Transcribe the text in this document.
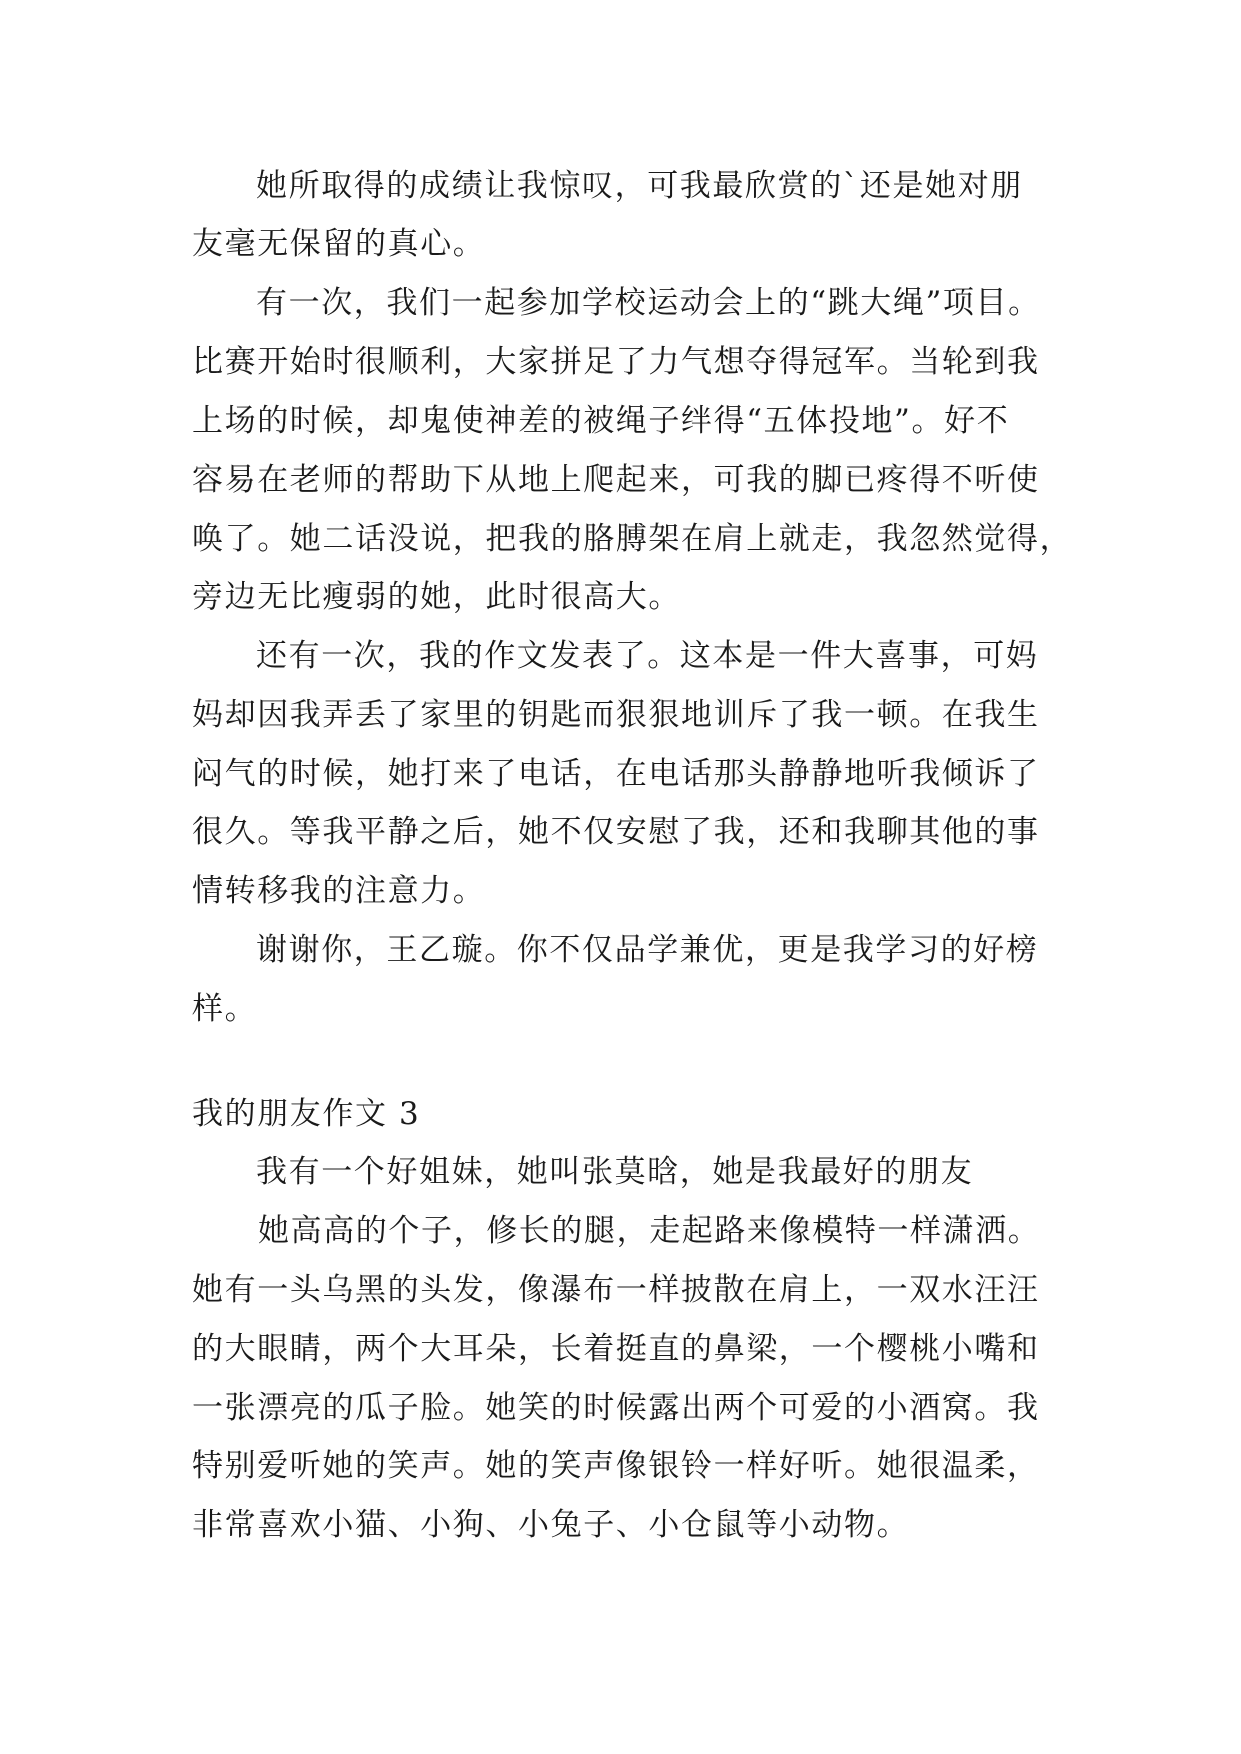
她所取得的成绩让我惊叹，可我最欣赏的`还是她对朋
友毫无保留的真心。
有一次，我们一起参加学校运动会上的“跳大绳”项目。
比赛开始时很顺利，大家拼足了力气想夺得冠军。当轮到我
上场的时候，却鬼使神差的被绳子绊得“五体投地”。好不
容易在老师的帮助下从地上爬起来，可我的脚已疼得不听使
唤了。她二话没说，把我的胳膊架在肩上就走，我忽然觉得，
旁边无比瘦弱的她，此时很高大。
还有一次，我的作文发表了。这本是一件大喜事，可妈
妈却因我弄丢了家里的钥匙而狠狠地训斥了我一顿。在我生
闷气的时候，她打来了电话，在电话那头静静地听我倾诉了
很久。等我平静之后，她不仅安慰了我，还和我聊其他的事
情转移我的注意力。
谢谢你，王乙璇。你不仅品学兼优，更是我学习的好榜
样。
我的朋友作文 3
我有一个好姐妹，她叫张莫晗，她是我最好的朋友
她高高的个子，修长的腿，走起路来像模特一样潇洒。
她有一头乌黑的头发，像瀑布一样披散在肩上，一双水汪汪
的大眼睛，两个大耳朵，长着挺直的鼻梁，一个樱桃小嘴和
一张漂亮的瓜子脸。她笑的时候露出两个可爱的小酒窝。我
特别爱听她的笑声。她的笑声像银铃一样好听。她很温柔，
非常喜欢小猫、小狗、小兔子、小仓鼠等小动物。
